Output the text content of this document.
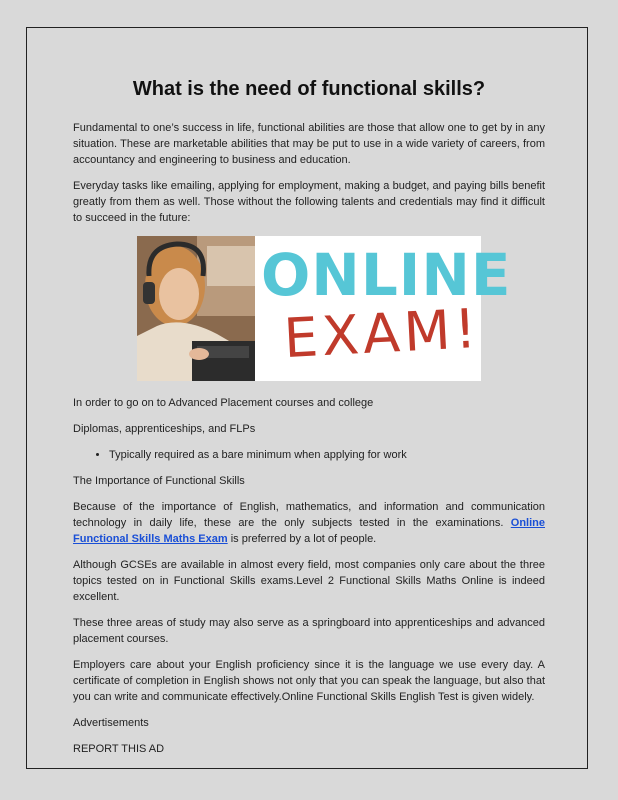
What is the need of functional skills?

Fundamental to one’s success in life, functional abilities are those that allow one to get by in any situation. These are marketable abilities that may be put to use in a wide variety of careers, from accountancy and engineering to business and education.

Everyday tasks like emailing, applying for employment, making a budget, and paying bills benefit greatly from them as well. Those without the following talents and credentials may find it difficult to succeed in the future:

ONLINE
EXAM!

In order to go on to Advanced Placement courses and college

Diplomas, apprenticeships, and FLPs

• Typically required as a bare minimum when applying for work

The Importance of Functional Skills

Because of the importance of English, mathematics, and information and communication technology in daily life, these are the only subjects tested in the examinations. Online Functional Skills Maths Exam is preferred by a lot of people.

Although GCSEs are available in almost every field, most companies only care about the three topics tested on in Functional Skills exams.Level 2 Functional Skills Maths Online is indeed excellent.

These three areas of study may also serve as a springboard into apprenticeships and advanced placement courses.

Employers care about your English proficiency since it is the language we use every day. A certificate of completion in English shows not only that you can speak the language, but also that you can write and communicate effectively.Online Functional Skills English Test is given widely.

Advertisements

REPORT THIS AD
